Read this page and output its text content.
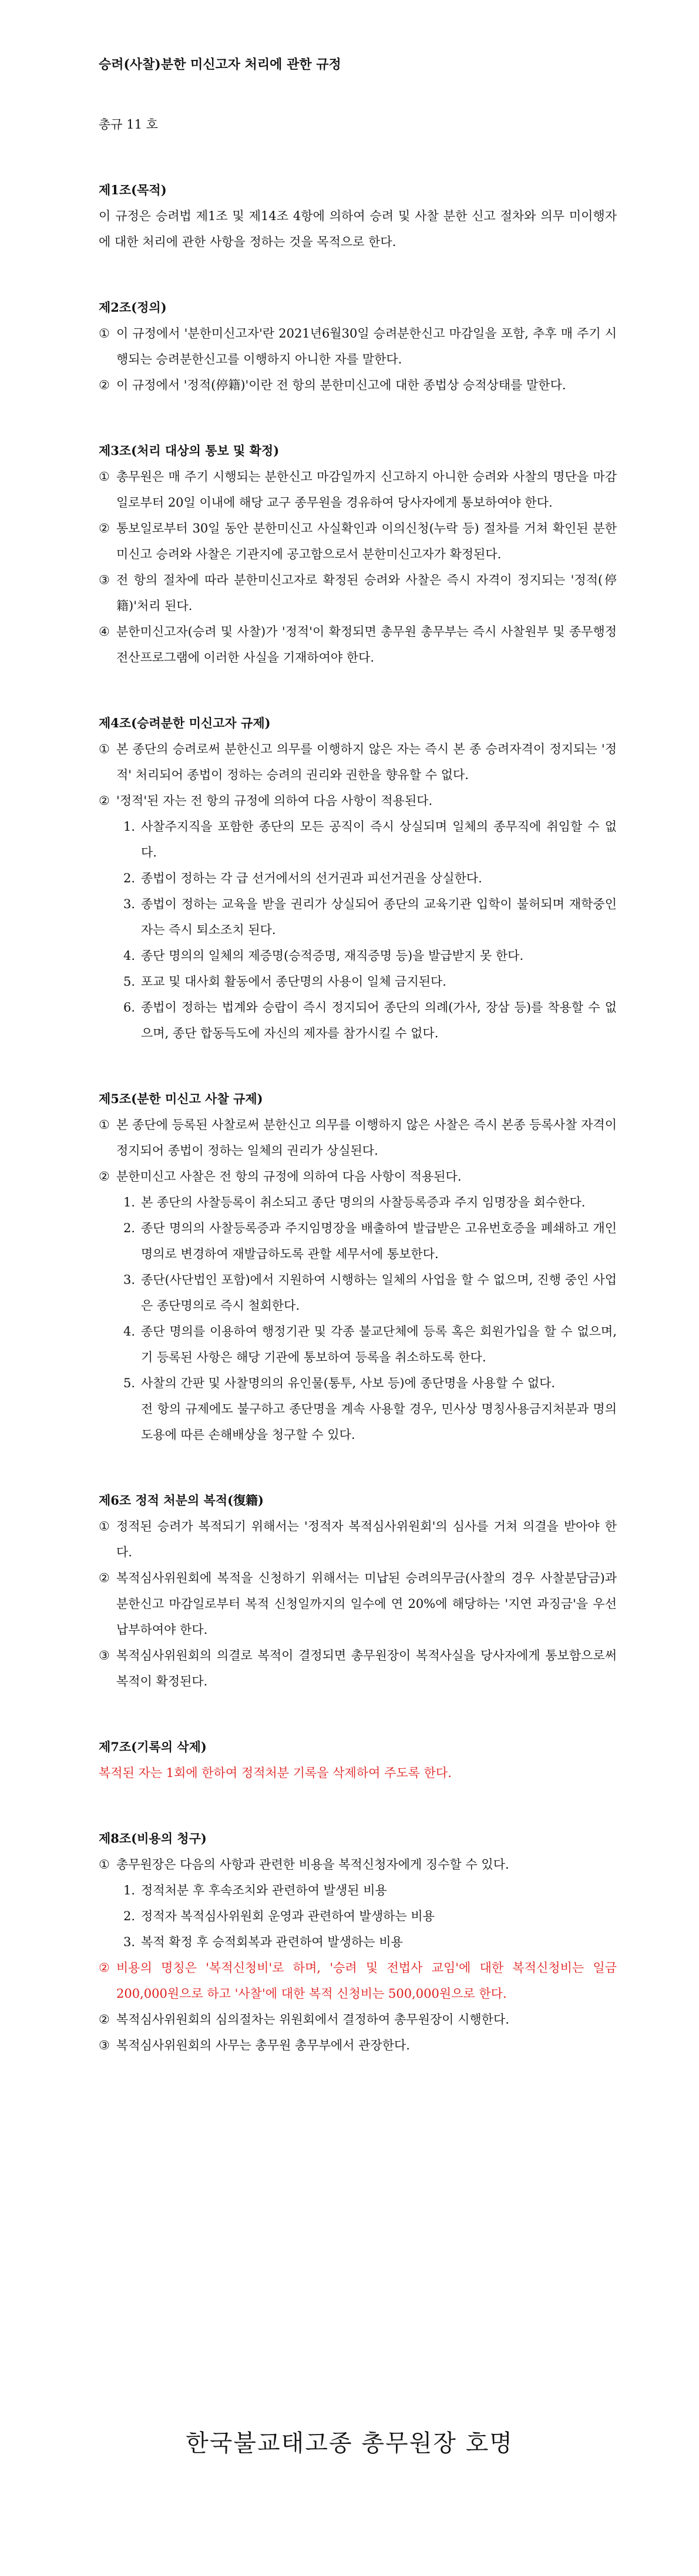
승려(사찰)분한 미신고자 처리에 관한 규정
총규 11 호
제1조(목적)
이 규정은 승려법 제1조 및 제14조 4항에 의하여 승려 및 사찰 분한 신고 절차와 의무 미이행자에 대한 처리에 관한 사항을 정하는 것을 목적으로 한다.
제2조(정의)
① 이 규정에서 '분한미신고자'란 2021년6월30일 승려분한신고 마감일을 포함, 추후 매 주기 시행되는 승려분한신고를 이행하지 아니한 자를 말한다.
② 이 규정에서 '정적(停籍)'이란 전 항의 분한미신고에 대한 종법상 승적상태를 말한다.
제3조(처리 대상의 통보 및 확정)
① 총무원은 매 주기 시행되는 분한신고 마감일까지 신고하지 아니한 승려와 사찰의 명단을 마감일로부터 20일 이내에 해당 교구 종무원을 경유하여 당사자에게 통보하여야 한다.
② 통보일로부터 30일 동안 분한미신고 사실확인과 이의신청(누락 등) 절차를 거쳐 확인된 분한미신고 승려와 사찰은 기관지에 공고함으로서 분한미신고자가 확정된다.
③ 전 항의 절차에 따라 분한미신고자로 확정된 승려와 사찰은 즉시 자격이 정지되는 '정적(停籍)'처리 된다.
④ 분한미신고자(승려 및 사찰)가 '정적'이 확정되면 총무원 총무부는 즉시 사찰원부 및 종무행정 전산프로그램에 이러한 사실을 기재하여야 한다.
제4조(승려분한 미신고자 규제)
① 본 종단의 승려로써 분한신고 의무를 이행하지 않은 자는 즉시 본 종 승려자격이 정지되는 '정적' 처리되어 종법이 정하는 승려의 권리와 권한을 향유할 수 없다.
② '정적'된 자는 전 항의 규정에 의하여 다음 사항이 적용된다.
1. 사찰주지직을 포함한 종단의 모든 공직이 즉시 상실되며 일체의 종무직에 취임할 수 없다.
2. 종법이 정하는 각 급 선거에서의 선거권과 피선거권을 상실한다.
3. 종법이 정하는 교육을 받을 권리가 상실되어 종단의 교육기관 입학이 불허되며 재학중인 자는 즉시 퇴소조치 된다.
4. 종단 명의의 일체의 제증명(승적증명, 재직증명 등)을 발급받지 못 한다.
5. 포교 및 대사회 활동에서 종단명의 사용이 일체 금지된다.
6. 종법이 정하는 법계와 승랍이 즉시 정지되어 종단의 의례(가사, 장삼 등)를 착용할 수 없으며, 종단 합동득도에 자신의 제자를 참가시킬 수 없다.
제5조(분한 미신고 사찰 규제)
① 본 종단에 등록된 사찰로써 분한신고 의무를 이행하지 않은 사찰은 즉시 본종 등록사찰 자격이 정지되어 종법이 정하는 일체의 권리가 상실된다.
② 분한미신고 사찰은 전 항의 규정에 의하여 다음 사항이 적용된다.
1. 본 종단의 사찰등록이 취소되고 종단 명의의 사찰등록증과 주지 임명장을 회수한다.
2. 종단 명의의 사찰등록증과 주지임명장을 배출하여 발급받은 고유번호증을 폐쇄하고 개인 명의로 변경하여 재발급하도록 관할 세무서에 통보한다.
3. 종단(사단법인 포함)에서 지원하여 시행하는 일체의 사업을 할 수 없으며, 진행 중인 사업은 종단명의로 즉시 철회한다.
4. 종단 명의를 이용하여 행정기관 및 각종 불교단체에 등록 혹은 회원가입을 할 수 없으며, 기 등록된 사항은 해당 기관에 통보하여 등록을 취소하도록 한다.
5. 사찰의 간판 및 사찰명의의 유인물(통투, 사보 등)에 종단명을 사용할 수 없다.
전 항의 규제에도 불구하고 종단명을 계속 사용할 경우, 민사상 명칭사용금지처분과 명의도용에 따른 손해배상을 청구할 수 있다.
제6조 정적 처분의 복적(復籍)
① 정적된 승려가 복적되기 위해서는 '정적자 복적심사위원회'의 심사를 거쳐 의결을 받아야 한다.
② 복적심사위원회에 복적을 신청하기 위해서는 미납된 승려의무금(사찰의 경우 사찰분담금)과 분한신고 마감일로부터 복적 신청일까지의 일수에 연 20%에 해당하는 '지연 과징금'을 우선 납부하여야 한다.
③ 복적심사위원회의 의결로 복적이 결정되면 총무원장이 복적사실을 당사자에게 통보함으로써 복적이 확정된다.
제7조(기록의 삭제)
복적된 자는 1회에 한하여 정적처분 기록을 삭제하여 주도록 한다.
제8조(비용의 청구)
① 총무원장은 다음의 사항과 관련한 비용을 복적신청자에게 징수할 수 있다.
1. 정적처분 후 후속조치와 관련하여 발생된 비용
2. 정적자 복적심사위원회 운영과 관련하여 발생하는 비용
3. 복적 확정 후 승적회복과 관련하여 발생하는 비용
② 비용의 명칭은 '복적신청비'로 하며, '승려 및 전법사 교임'에 대한 복적신청비는 일금 200,000원으로 하고 '사찰'에 대한 복적 신청비는 500,000원으로 한다.
② 복적심사위원회의 심의절차는 위원회에서 결정하여 총무원장이 시행한다.
③ 복적심사위원회의 사무는 총무원 총무부에서 관장한다.
한국불교태고종 총무원장 호명
